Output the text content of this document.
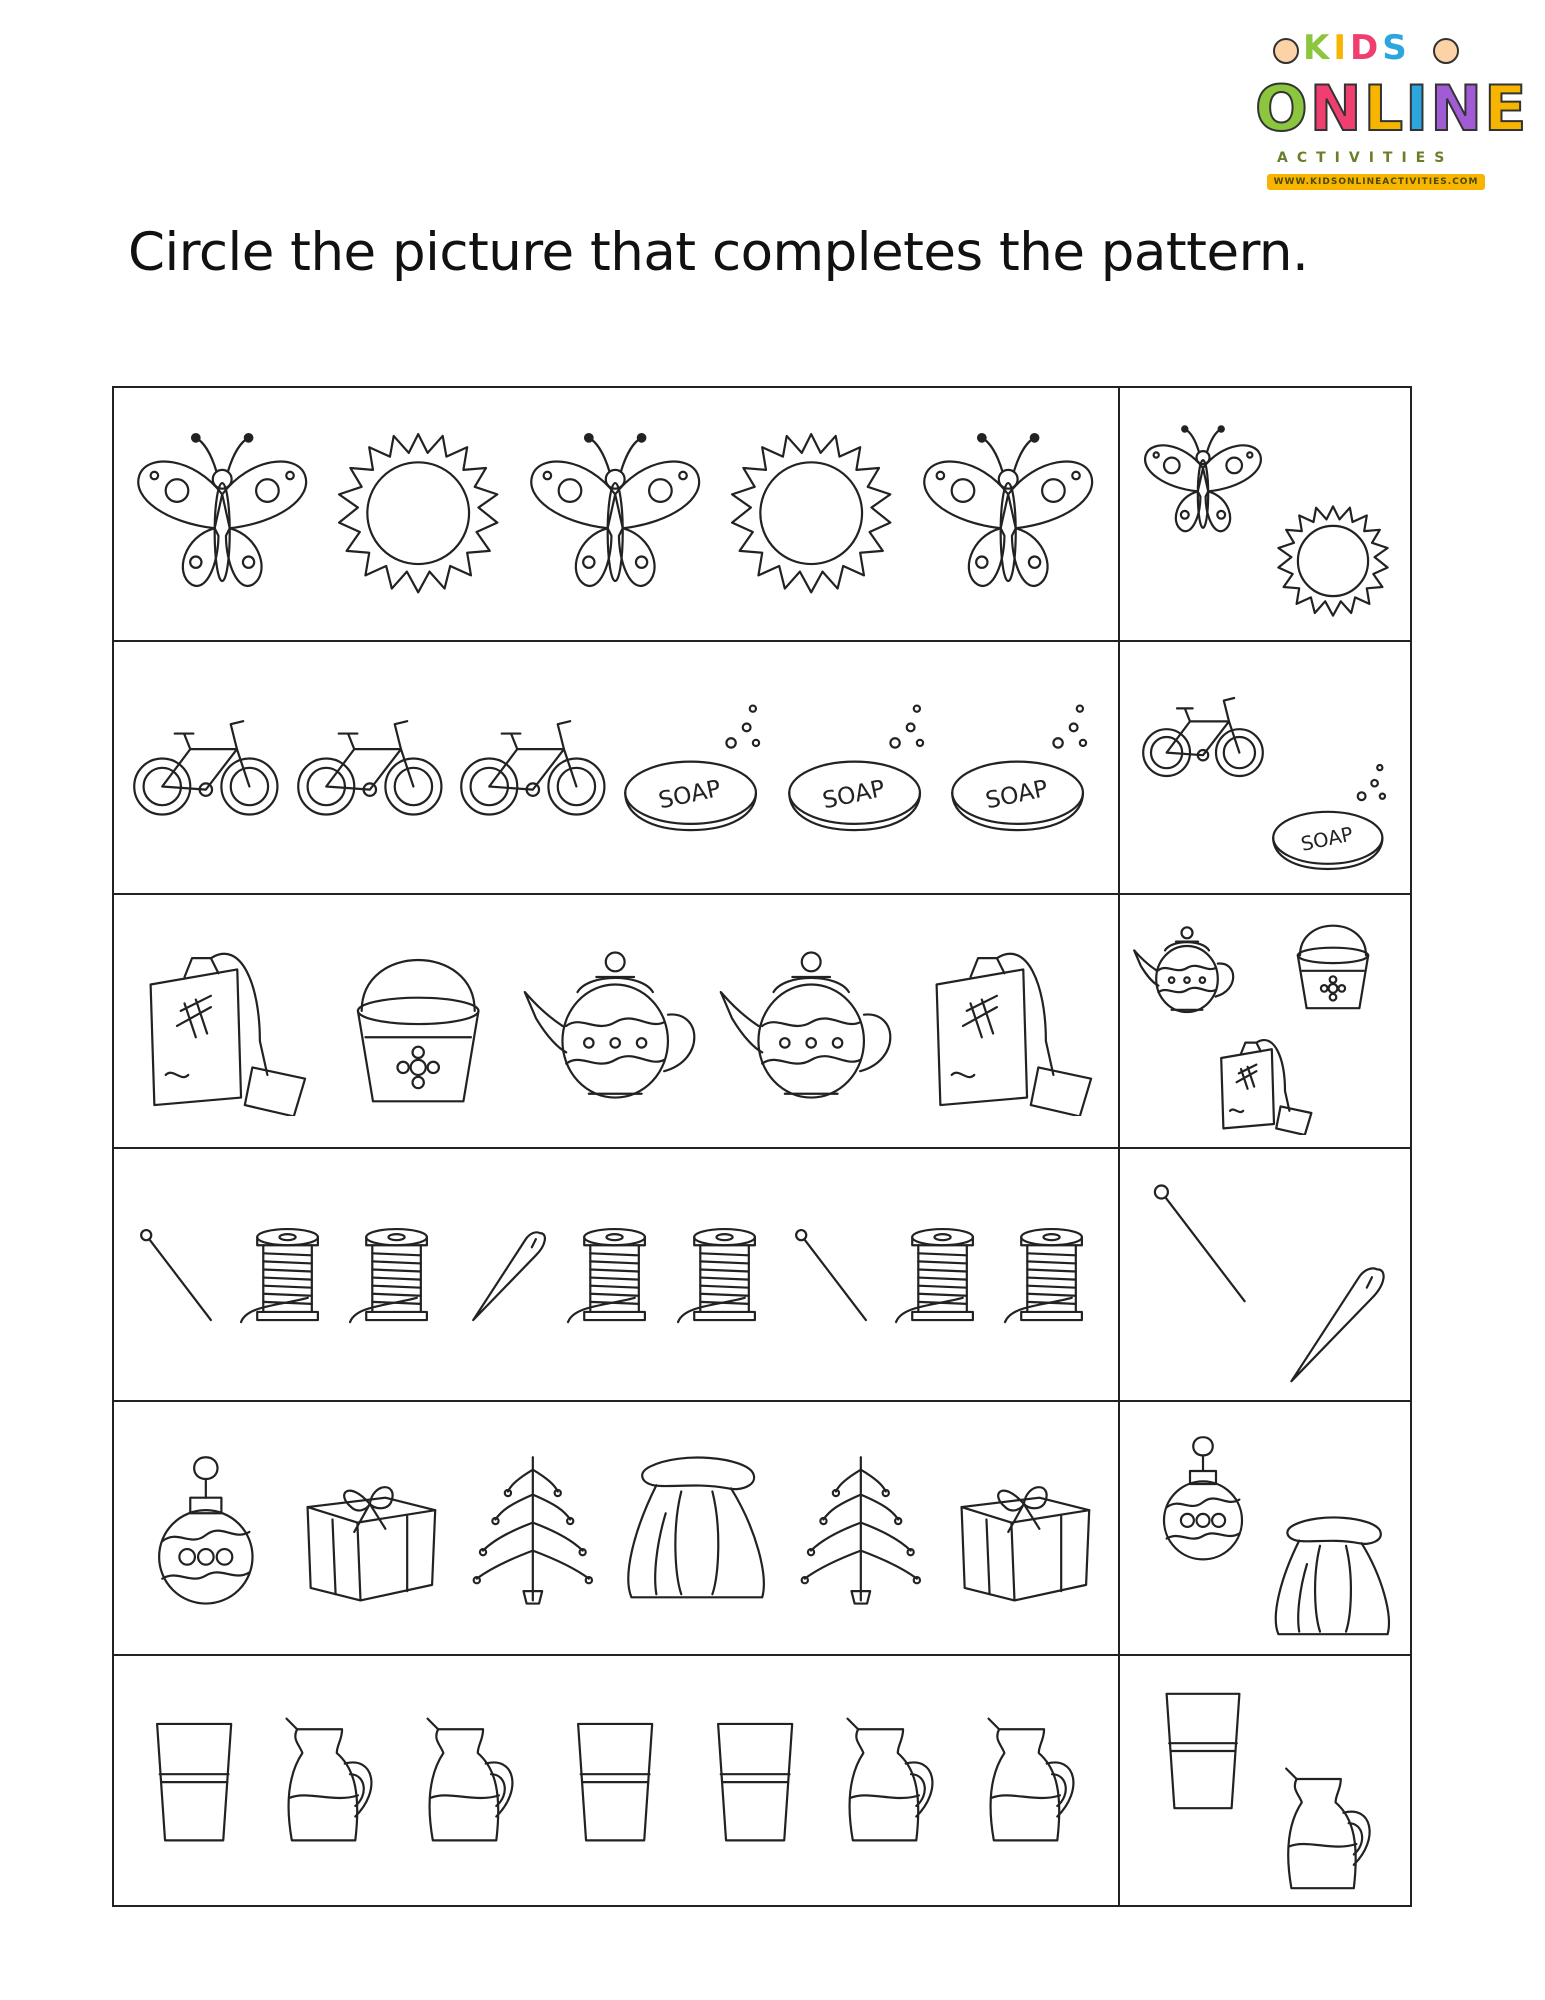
KIDS
ONLINE
ACTIVITIES
WWW.KIDSONLINEACTIVITIES.COM
Circle the picture that completes the pattern.
SOAP	SOAP	SOAP
SOAP
